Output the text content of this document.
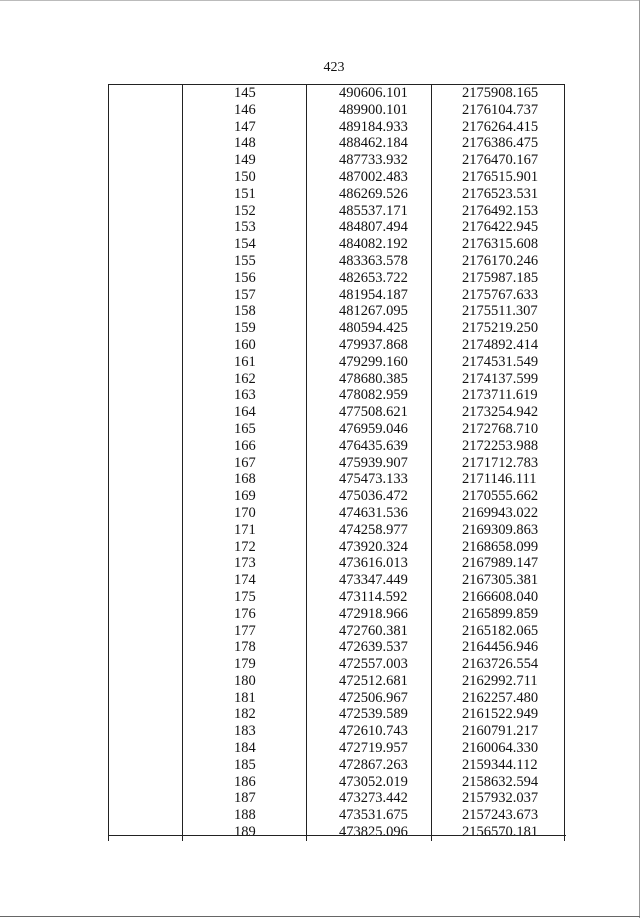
423
	145	490606.101	2175908.165
	146	489900.101	2176104.737
	147	489184.933	2176264.415
	148	488462.184	2176386.475
	149	487733.932	2176470.167
	150	487002.483	2176515.901
	151	486269.526	2176523.531
	152	485537.171	2176492.153
	153	484807.494	2176422.945
	154	484082.192	2176315.608
	155	483363.578	2176170.246
	156	482653.722	2175987.185
	157	481954.187	2175767.633
	158	481267.095	2175511.307
	159	480594.425	2175219.250
	160	479937.868	2174892.414
	161	479299.160	2174531.549
	162	478680.385	2174137.599
	163	478082.959	2173711.619
	164	477508.621	2173254.942
	165	476959.046	2172768.710
	166	476435.639	2172253.988
	167	475939.907	2171712.783
	168	475473.133	2171146.111
	169	475036.472	2170555.662
	170	474631.536	2169943.022
	171	474258.977	2169309.863
	172	473920.324	2168658.099
	173	473616.013	2167989.147
	174	473347.449	2167305.381
	175	473114.592	2166608.040
	176	472918.966	2165899.859
	177	472760.381	2165182.065
	178	472639.537	2164456.946
	179	472557.003	2163726.554
	180	472512.681	2162992.711
	181	472506.967	2162257.480
	182	472539.589	2161522.949
	183	472610.743	2160791.217
	184	472719.957	2160064.330
	185	472867.263	2159344.112
	186	473052.019	2158632.594
	187	473273.442	2157932.037
	188	473531.675	2157243.673
	189	473825.096	2156570.181
